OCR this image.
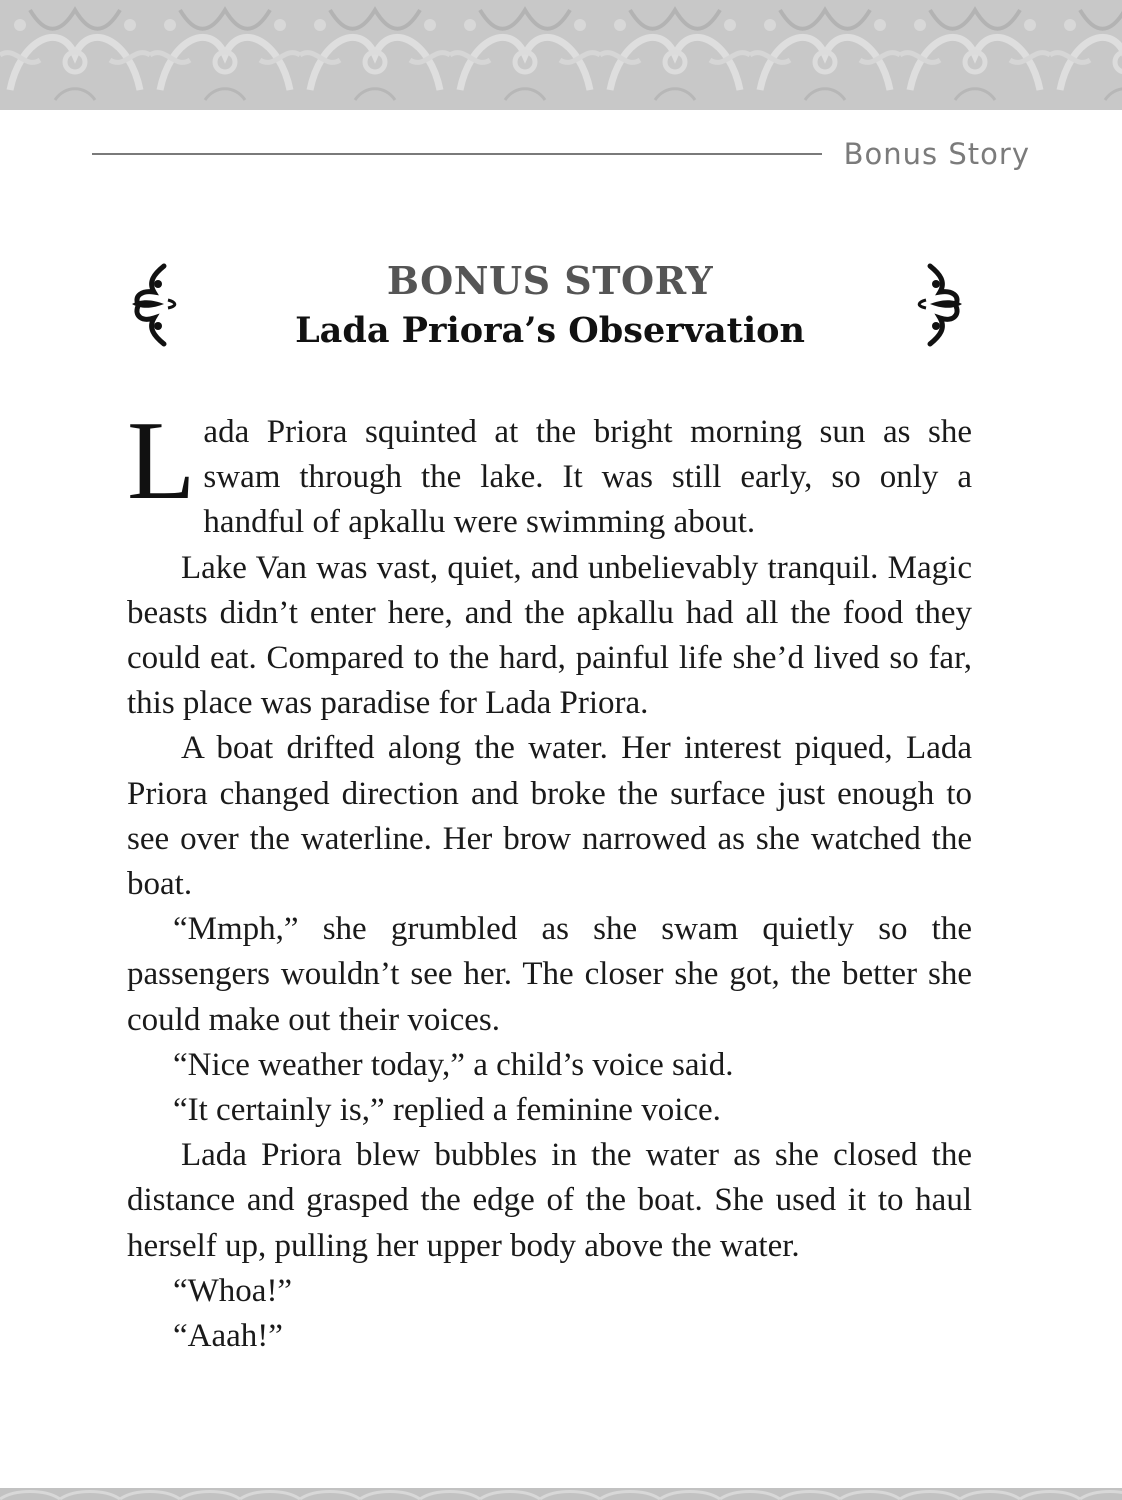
Bonus Story
BONUS STORY
Lada Priora’s Observation

Lada Priora squinted at the bright morning sun as she swam through the lake. It was still early, so only a handful of apkallu were swimming about.

Lake Van was vast, quiet, and unbelievably tranquil. Magic beasts didn’t enter here, and the apkallu had all the food they could eat. Compared to the hard, painful life she’d lived so far, this place was paradise for Lada Priora.

A boat drifted along the water. Her interest piqued, Lada Priora changed direction and broke the surface just enough to see over the waterline. Her brow narrowed as she watched the boat.

“Mmph,” she grumbled as she swam quietly so the passengers wouldn’t see her. The closer she got, the better she could make out their voices.

“Nice weather today,” a child’s voice said.

“It certainly is,” replied a feminine voice.

Lada Priora blew bubbles in the water as she closed the distance and grasped the edge of the boat. She used it to haul herself up, pulling her upper body above the water.

“Whoa!”

“Aaah!”
